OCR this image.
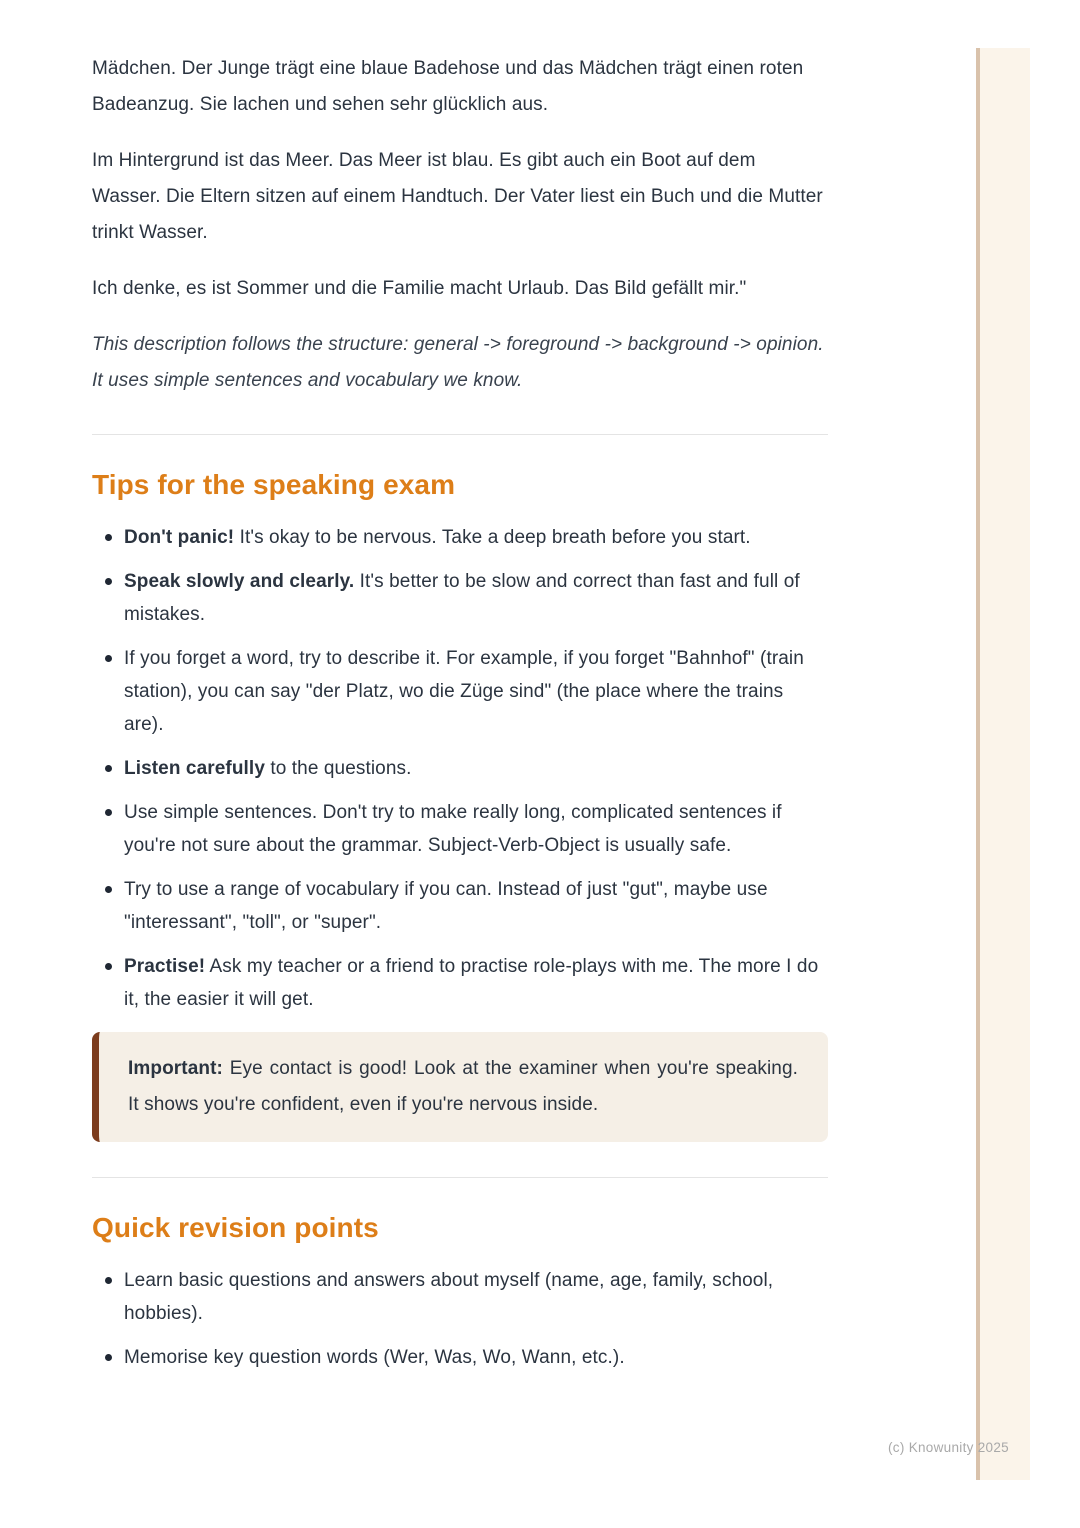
Mädchen. Der Junge trägt eine blaue Badehose und das Mädchen trägt einen roten Badeanzug. Sie lachen und sehen sehr glücklich aus.

Im Hintergrund ist das Meer. Das Meer ist blau. Es gibt auch ein Boot auf dem Wasser. Die Eltern sitzen auf einem Handtuch. Der Vater liest ein Buch und die Mutter trinkt Wasser.

Ich denke, es ist Sommer und die Familie macht Urlaub. Das Bild gefällt mir."

This description follows the structure: general -> foreground -> background -> opinion. It uses simple sentences and vocabulary we know.

Tips for the speaking exam
Don't panic! It's okay to be nervous. Take a deep breath before you start.
Speak slowly and clearly. It's better to be slow and correct than fast and full of mistakes.
If you forget a word, try to describe it. For example, if you forget "Bahnhof" (train station), you can say "der Platz, wo die Züge sind" (the place where the trains are).
Listen carefully to the questions.
Use simple sentences. Don't try to make really long, complicated sentences if you're not sure about the grammar. Subject-Verb-Object is usually safe.
Try to use a range of vocabulary if you can. Instead of just "gut", maybe use "interessant", "toll", or "super".
Practise! Ask my teacher or a friend to practise role-plays with me. The more I do it, the easier it will get.
Important: Eye contact is good! Look at the examiner when you're speaking. It shows you're confident, even if you're nervous inside.
Quick revision points
Learn basic questions and answers about myself (name, age, family, school, hobbies).
Memorise key question words (Wer, Was, Wo, Wann, etc.).
(c) Knowunity 2025
